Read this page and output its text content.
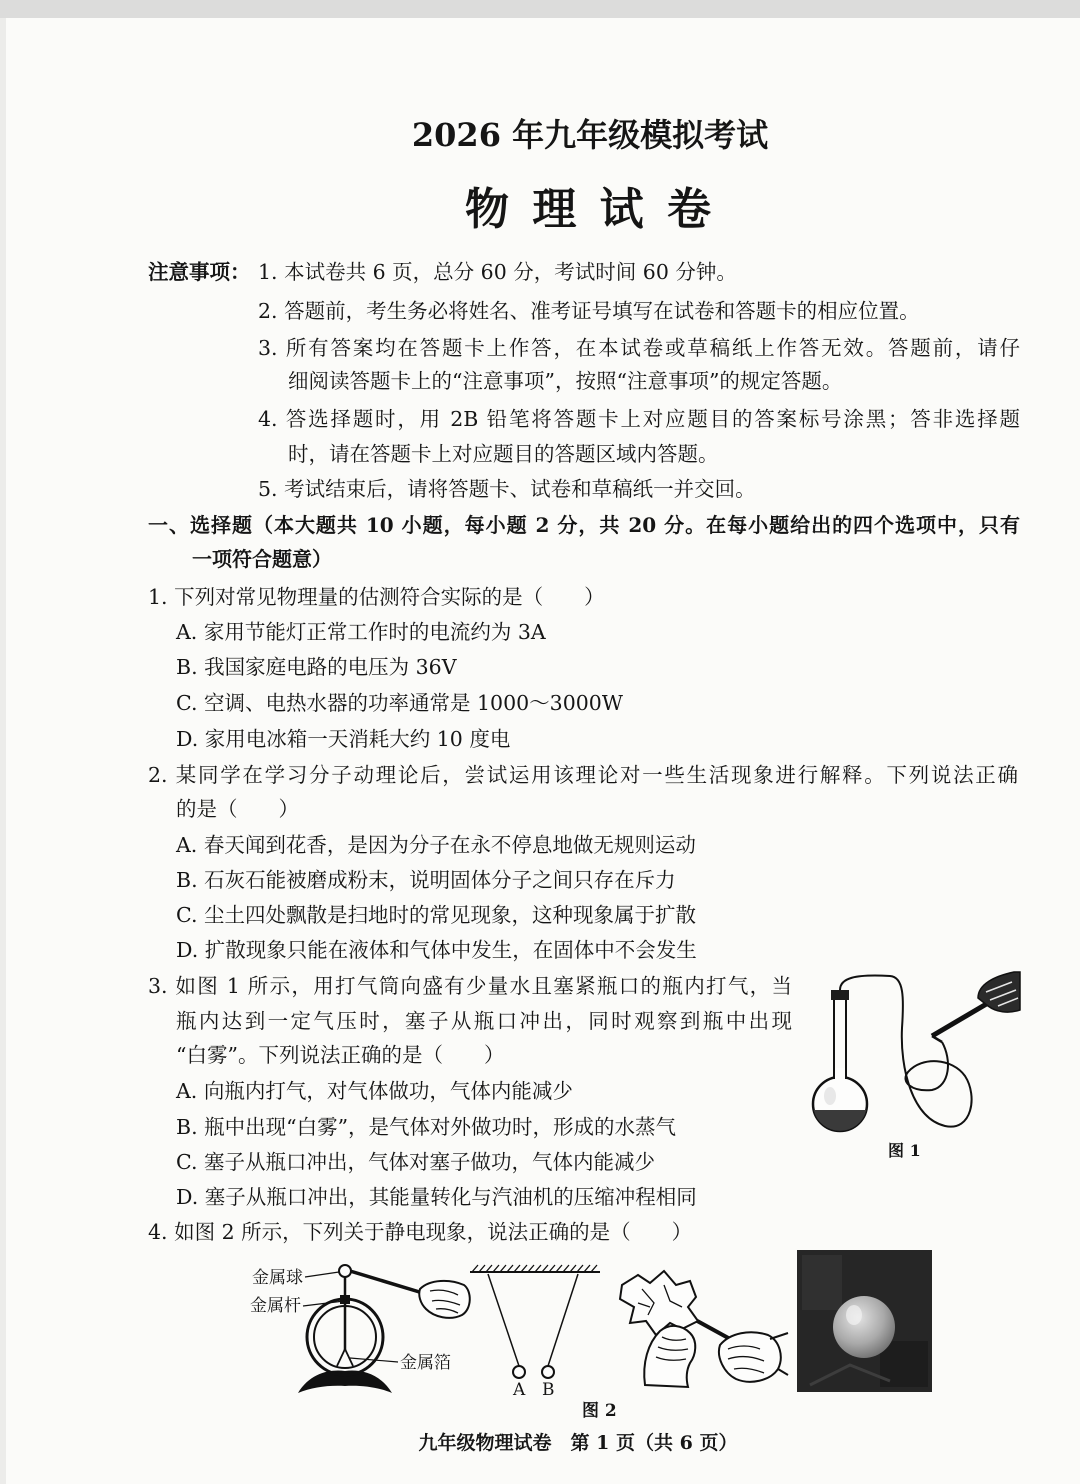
2026 年九年级模拟考试
物 理 试 卷
注意事项： 1. 本试卷共 6 页，总分 60 分，考试时间 60 分钟。
2. 答题前，考生务必将姓名、准考证号填写在试卷和答题卡的相应位置。
3. 所有答案均在答题卡上作答，在本试卷或草稿纸上作答无效。答题前，请仔
细阅读答题卡上的“注意事项”，按照“注意事项”的规定答题。
4. 答选择题时，用 2B 铅笔将答题卡上对应题目的答案标号涂黑；答非选择题
时，请在答题卡上对应题目的答题区域内答题。
5. 考试结束后，请将答题卡、试卷和草稿纸一并交回。
一、选择题（本大题共 10 小题，每小题 2 分，共 20 分。在每小题给出的四个选项中，只有
一项符合题意）
1. 下列对常见物理量的估测符合实际的是（　　）
A. 家用节能灯正常工作时的电流约为 3A
B. 我国家庭电路的电压为 36V
C. 空调、电热水器的功率通常是 1000～3000W
D. 家用电冰箱一天消耗大约 10 度电
2. 某同学在学习分子动理论后，尝试运用该理论对一些生活现象进行解释。下列说法正确
的是（　　）
A. 春天闻到花香，是因为分子在永不停息地做无规则运动
B. 石灰石能被磨成粉末，说明固体分子之间只存在斥力
C. 尘土四处飘散是扫地时的常见现象，这种现象属于扩散
D. 扩散现象只能在液体和气体中发生，在固体中不会发生
3. 如图 1 所示，用打气筒向盛有少量水且塞紧瓶口的瓶内打气，当
瓶内达到一定气压时，塞子从瓶口冲出，同时观察到瓶中出现
“白雾”。下列说法正确的是（　　）
A. 向瓶内打气，对气体做功，气体内能减少
B. 瓶中出现“白雾”，是气体对外做功时，形成的水蒸气
C. 塞子从瓶口冲出，气体对塞子做功，气体内能减少
D. 塞子从瓶口冲出，其能量转化与汽油机的压缩冲程相同
图 1
4. 如图 2 所示，下列关于静电现象，说法正确的是（　　）
金属球
金属杆
金属箔
A B
图 2
九年级物理试卷　第 1 页（共 6 页）
